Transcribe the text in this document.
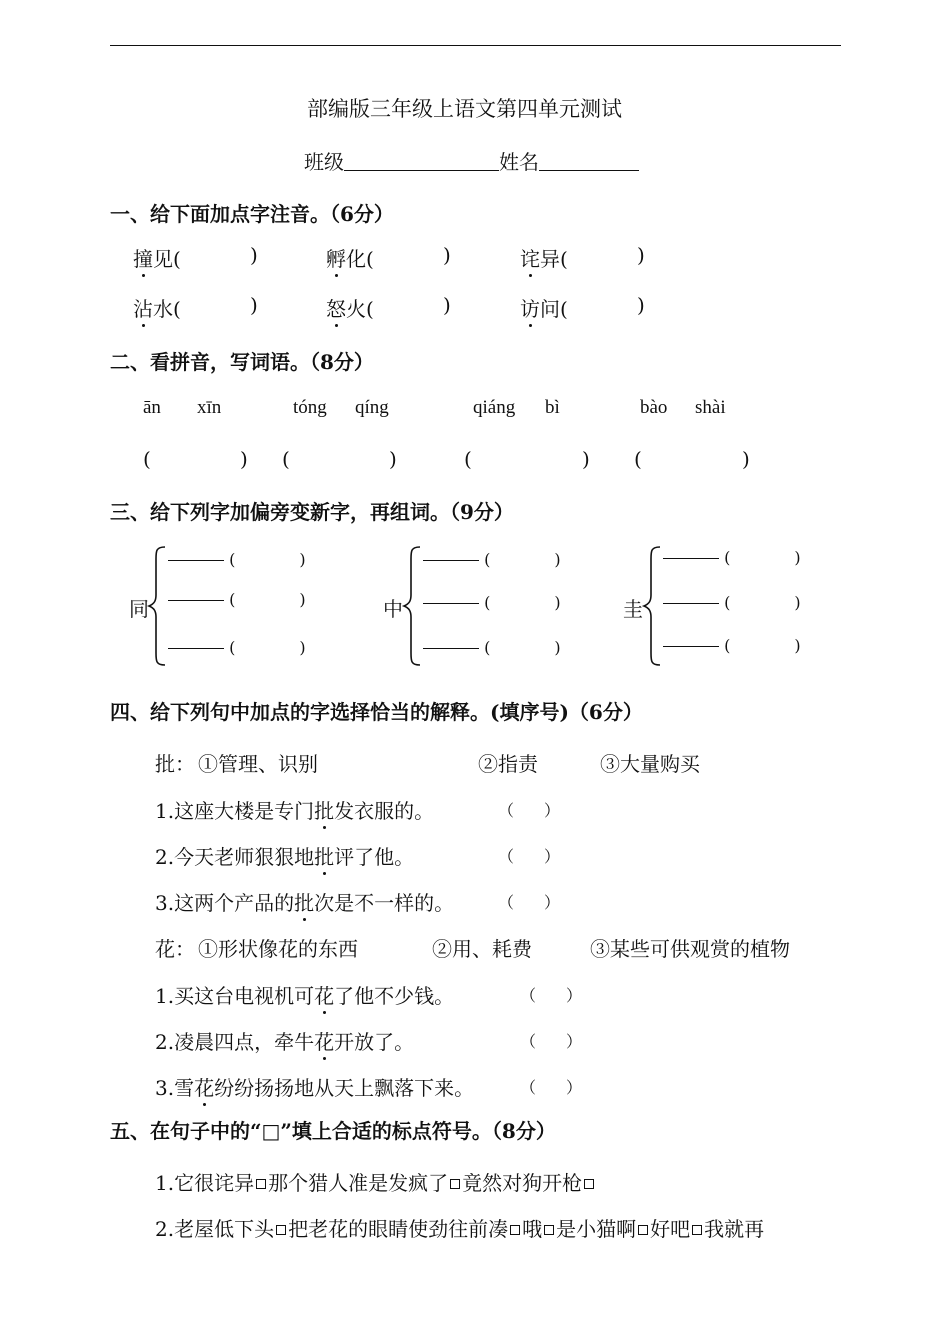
部编版三年级上语文第四单元测试
班级	姓名
一、给下面加点字注音。（6分）
撞见(	)	孵化(	)	诧异(	)
沾水(	)	怒火(	)	访问(	)
二、看拼音，写词语。（8分）
ān xīn	tóng qíng	qiáng bì	bào shài
(	) (	)	(	) (	)
三、给下列字加偏旁变新字，再组词。（9分）
同
(	)
(	)
(	)
中
(	)
(	)
(	)
圭
(	)
(	)
(	)
四、给下列句中加点的字选择恰当的解释。(填序号)（6分）
批： ①管理、识别	②指责	③大量购买
1.这座大楼是专门批发衣服的。	（ ）
2.今天老师狠狠地批评了他。	（ ）
3.这两个产品的批次是不一样的。	（ ）
花： ①形状像花的东西	②用、耗费	③某些可供观赏的植物
1.买这台电视机可花了他不少钱。	（ ）
2.凌晨四点，牵牛花开放了。	（ ）
3.雪花纷纷扬扬地从天上飘落下来。	（ ）
五、在句子中的“□”填上合适的标点符号。（8分）
1.它很诧异 那个猎人准是发疯了 竟然对狗开枪
2.老屋低下头 把老花的眼睛使劲往前凑 哦 是小猫啊 好吧 我就再
